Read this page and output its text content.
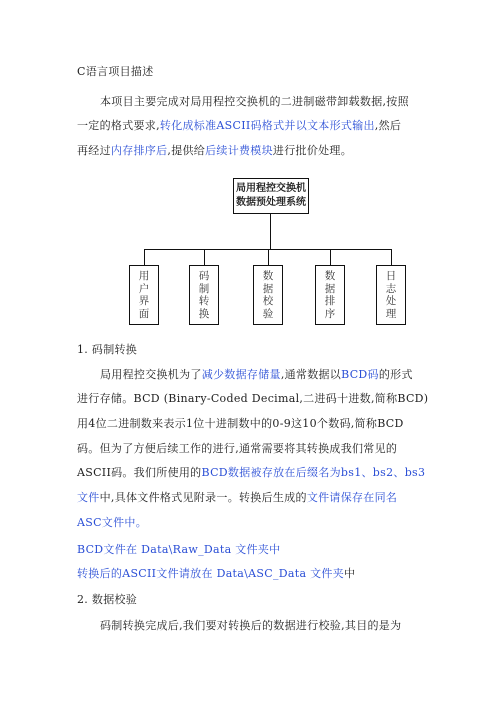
C语言项目描述
本项目主要完成对局用程控交换机的二进制磁带卸载数据,按照
一定的格式要求,转化成标准ASCII码格式并以文本形式输出,然后
再经过内存排序后,提供给后续计费模块进行批价处理。
局用程控交换机
数据预处理系统
用
户
界
面
码
制
转
换
数
据
校
验
数
据
排
序
日
志
处
理
1. 码制转换
局用程控交换机为了减少数据存储量,通常数据以BCD码的形式
进行存储。BCD (Binary-Coded Decimal,二进码十进数,简称BCD)
用4位二进制数来表示1位十进制数中的0-9这10个数码,简称BCD
码。但为了方便后续工作的进行,通常需要将其转换成我们常见的
ASCII码。我们所使用的BCD数据被存放在后缀名为bs1、bs2、bs3
文件中,具体文件格式见附录一。转换后生成的文件请保存在同名
ASC文件中。
BCD文件在 Data\Raw_Data 文件夹中
转换后的ASCII文件请放在 Data\ASC_Data 文件夹中
2. 数据校验
码制转换完成后,我们要对转换后的数据进行校验,其目的是为
